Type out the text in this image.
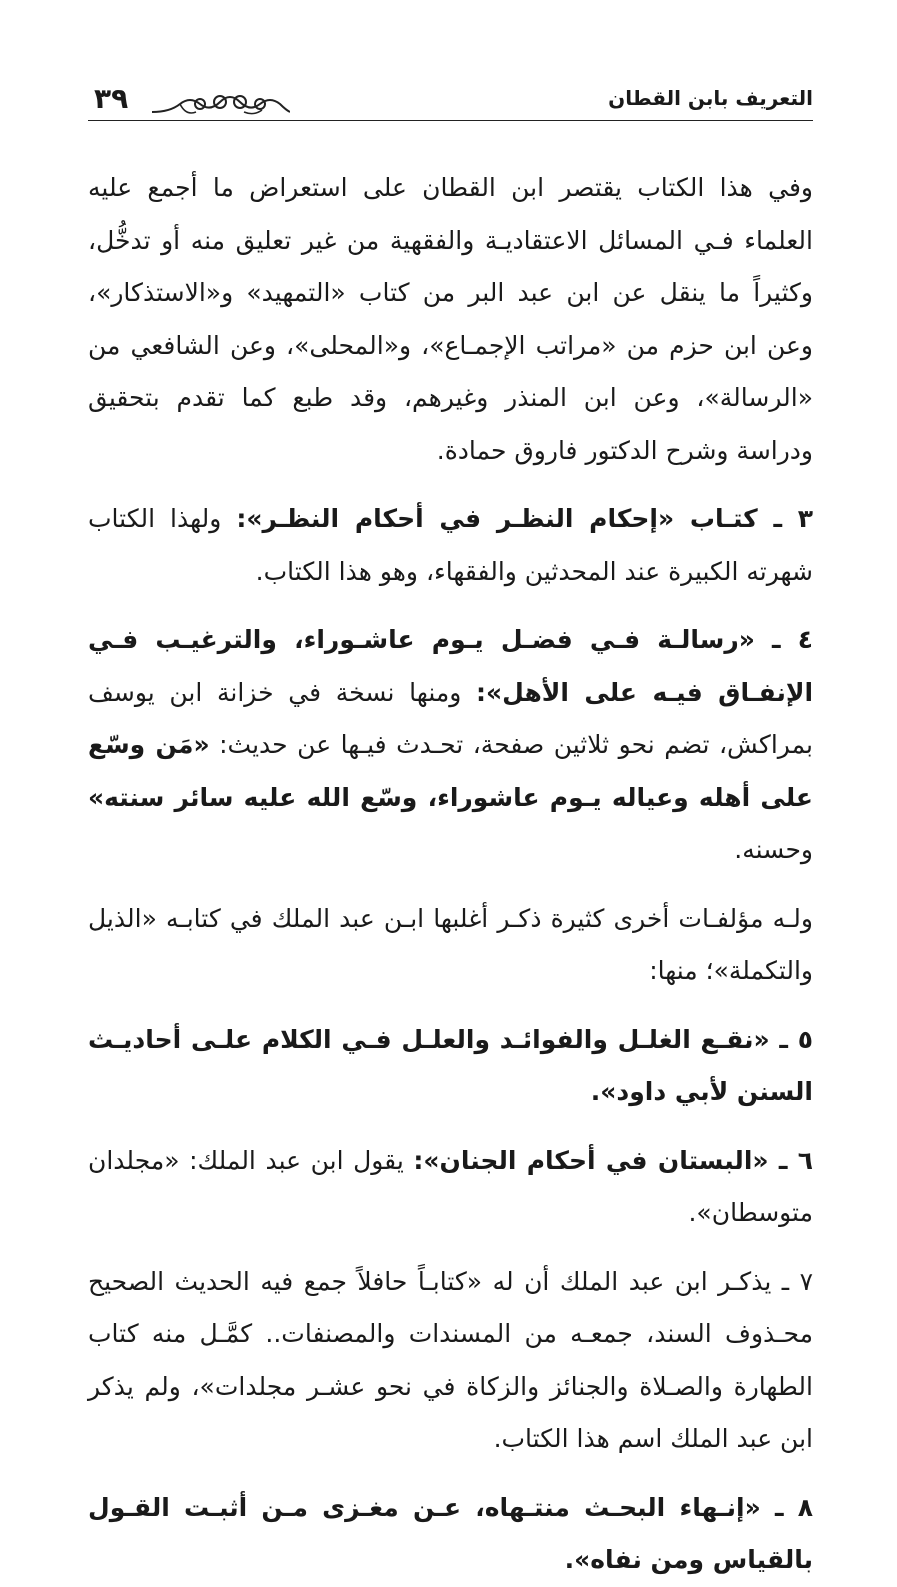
التعريف بابن القطان
٣٩

وفي هذا الكتاب يقتصر ابن القطان على استعراض ما أجمع عليه العلماء فـي المسائل الاعتقاديـة والفقهية من غير تعليق منه أو تدخُّل، وكثيراً ما ينقل عن ابن عبد البر من كتاب «التمهيد» و«الاستذكار»، وعن ابن حزم من «مراتب الإجمـاع»، و«المحلى»، وعن الشافعي من «الرسالة»، وعن ابن المنذر وغيرهم، وقد طبع كما تقدم بتحقيق ودراسة وشرح الدكتور فاروق حمادة.

٣ ـ كتـاب «إحكام النظـر في أحكام النظـر»: ولهذا الكتاب شهرته الكبيرة عند المحدثين والفقهاء، وهو هذا الكتاب.

٤ ـ «رسالـة فـي فضـل يـوم عاشـوراء، والترغيـب فـي الإنفـاق فيـه على الأهل»: ومنها نسخة في خزانة ابن يوسف بمراكش، تضم نحو ثلاثين صفحة، تحـدث فيـها عن حديث: «مَن وسّع على أهله وعياله يـوم عاشوراء، وسّع الله عليه سائر سنته» وحسنه.

ولـه مؤلفـات أخرى كثيرة ذكـر أغلبها ابـن عبد الملك في كتابـه «الذيل والتكملة»؛ منها:

٥ ـ «نقـع الغلـل والفوائـد والعلـل فـي الكلام علـى أحاديـث السنن لأبي داود».

٦ ـ «البستان في أحكام الجنان»: يقول ابن عبد الملك: «مجلدان متوسطان».

٧ ـ يذكـر ابن عبد الملك أن له «كتابـاً حافلاً جمع فيه الحديث الصحيح محـذوف السند، جمعـه من المسندات والمصنفات.. كمَّـل منه كتاب الطهارة والصـلاة والجنائز والزكاة في نحو عشـر مجلدات»، ولم يذكر ابن عبد الملك اسم هذا الكتاب.

٨ ـ «إنـهاء البحـث منتـهاه، عـن مغـزى مـن أثبـت القـول بالقياس ومن نفاه».
